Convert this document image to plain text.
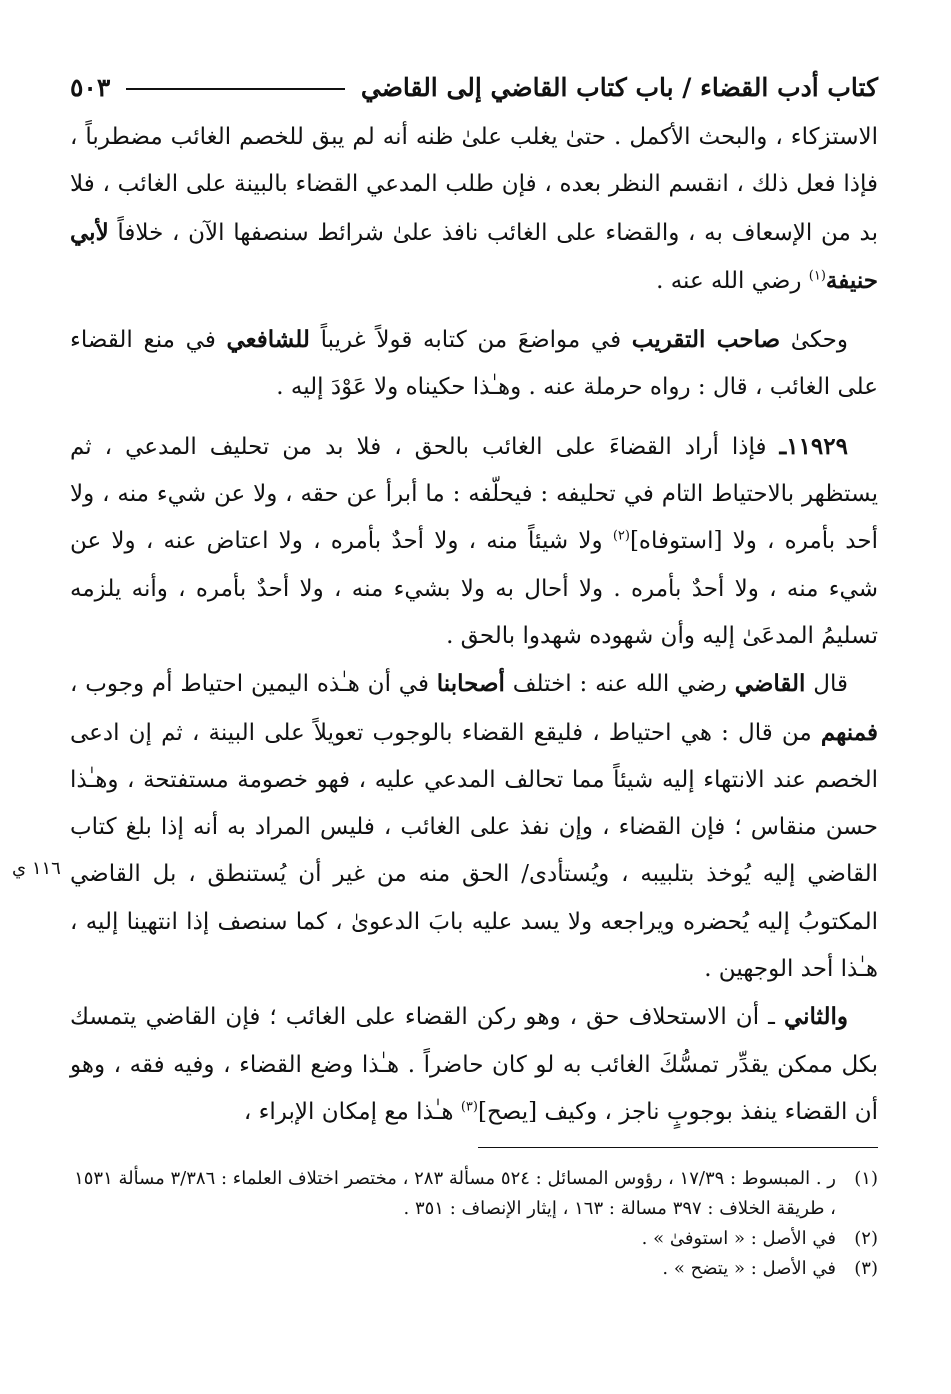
كتاب أدب القضاء / باب كتاب القاضي إلى القاضي
٥٠٣

الاستزكاء ، والبحث الأكمل . حتىٰ يغلب علىٰ ظنه أنه لم يبق للخصم الغائب مضطرباً ، فإذا فعل ذلك ، انقسم النظر بعده ، فإن طلب المدعي القضاء بالبينة على الغائب ، فلا بد من الإسعاف به ، والقضاء على الغائب نافذ علىٰ شرائط سنصفها الآن ، خلافاً لأبي حنيفة$^{(١)}$ رضي الله عنه .

وحكىٰ صاحب التقريب في مواضعَ من كتابه قولاً غريباً للشافعي في منع القضاء على الغائب ، قال : رواه حرملة عنه . وهـٰذا حكيناه ولا عَوْدَ إليه .

١١٩٢٩ـ فإذا أراد القضاءَ على الغائب بالحق ، فلا بد من تحليف المدعي ، ثم يستظهر بالاحتياط التام في تحليفه : فيحلّفه : ما أبرأ عن حقه ، ولا عن شيء منه ، ولا أحد بأمره ، ولا [استوفاه]$^{(٢)}$ ولا شيئاً منه ، ولا أحدٌ بأمره ، ولا اعتاض عنه ، ولا عن شيء منه ، ولا أحدٌ بأمره . ولا أحال به ولا بشيء منه ، ولا أحدٌ بأمره ، وأنه يلزمه تسليمُ المدعَىٰ إليه وأن شهوده شهدوا بالحق .

قال القاضي رضي الله عنه : اختلف أصحابنا في أن هـٰذه اليمين احتياط أم وجوب ، فمنهم من قال : هي احتياط ، فليقع القضاء بالوجوب تعويلاً على البينة ، ثم إن ادعى الخصم عند الانتهاء إليه شيئاً مما تحالف المدعي عليه ، فهو خصومة مستفتحة ، وهـٰذا حسن منقاس ؛ فإن القضاء ، وإن نفذ على الغائب ، فليس المراد به أنه إذا بلغ كتاب القاضي إليه يُوخذ بتلبيبه ، ويُستأدى/ الحق منه من غير أن يُستنطق ، بل القاضي المكتوبُ إليه يُحضره ويراجعه ولا يسد عليه بابَ الدعوىٰ ، كما سنصف إذا انتهينا إليه ، هـٰذا أحد الوجهين .

والثاني ـ أن الاستحلاف حق ، وهو ركن القضاء على الغائب ؛ فإن القاضي يتمسك بكل ممكن يقدِّر تمسُّكَ الغائب به لو كان حاضراً . هـٰذا وضع القضاء ، وفيه فقه ، وهو أن القضاء ينفذ بوجوبٍ ناجز ، وكيف [يصح]$^{(٣)}$ هـٰذا مع إمكان الإبراء ،

١١٦ ي
(١)
ر . المبسوط : ١٧/٣٩ ، رؤوس المسائل : ٥٢٤ مسألة ٢٨٣ ، مختصر اختلاف العلماء : ٣/٣٨٦ مسألة ١٥٣١ ، طريقة الخلاف : ٣٩٧ مسالة : ١٦٣ ، إيثار الإنصاف : ٣٥١ .
(٢)
في الأصل : « استوفىٰ » .
(٣)
في الأصل : « يتضح » .
